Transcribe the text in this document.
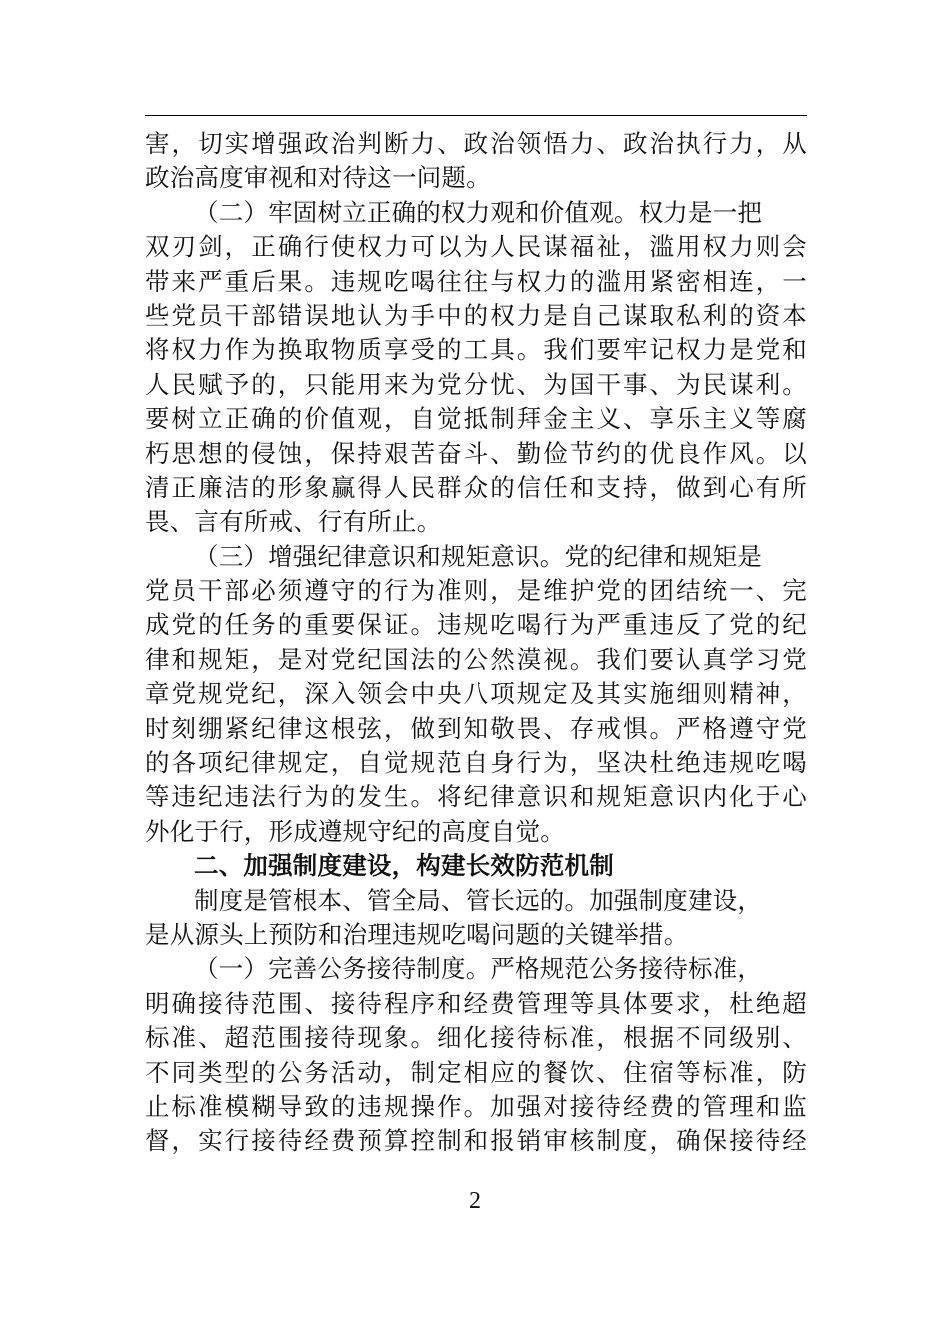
害，切实增强政治判断力、政治领悟力、政治执行力，从
政治高度审视和对待这一问题。
（二）牢固树立正确的权力观和价值观。权力是一把
双刃剑，正确行使权力可以为人民谋福祉，滥用权力则会
带来严重后果。违规吃喝往往与权力的滥用紧密相连，一
些党员干部错误地认为手中的权力是自己谋取私利的资本
将权力作为换取物质享受的工具。我们要牢记权力是党和
人民赋予的，只能用来为党分忧、为国干事、为民谋利。
要树立正确的价值观，自觉抵制拜金主义、享乐主义等腐
朽思想的侵蚀，保持艰苦奋斗、勤俭节约的优良作风。以
清正廉洁的形象赢得人民群众的信任和支持，做到心有所
畏、言有所戒、行有所止。
（三）增强纪律意识和规矩意识。党的纪律和规矩是
党员干部必须遵守的行为准则，是维护党的团结统一、完
成党的任务的重要保证。违规吃喝行为严重违反了党的纪
律和规矩，是对党纪国法的公然漠视。我们要认真学习党
章党规党纪，深入领会中央八项规定及其实施细则精神，
时刻绷紧纪律这根弦，做到知敬畏、存戒惧。严格遵守党
的各项纪律规定，自觉规范自身行为，坚决杜绝违规吃喝
等违纪违法行为的发生。将纪律意识和规矩意识内化于心
外化于行，形成遵规守纪的高度自觉。
二、加强制度建设，构建长效防范机制
制度是管根本、管全局、管长远的。加强制度建设，
是从源头上预防和治理违规吃喝问题的关键举措。
（一）完善公务接待制度。严格规范公务接待标准，
明确接待范围、接待程序和经费管理等具体要求，杜绝超
标准、超范围接待现象。细化接待标准，根据不同级别、
不同类型的公务活动，制定相应的餐饮、住宿等标准，防
止标准模糊导致的违规操作。加强对接待经费的管理和监
督，实行接待经费预算控制和报销审核制度，确保接待经
2
